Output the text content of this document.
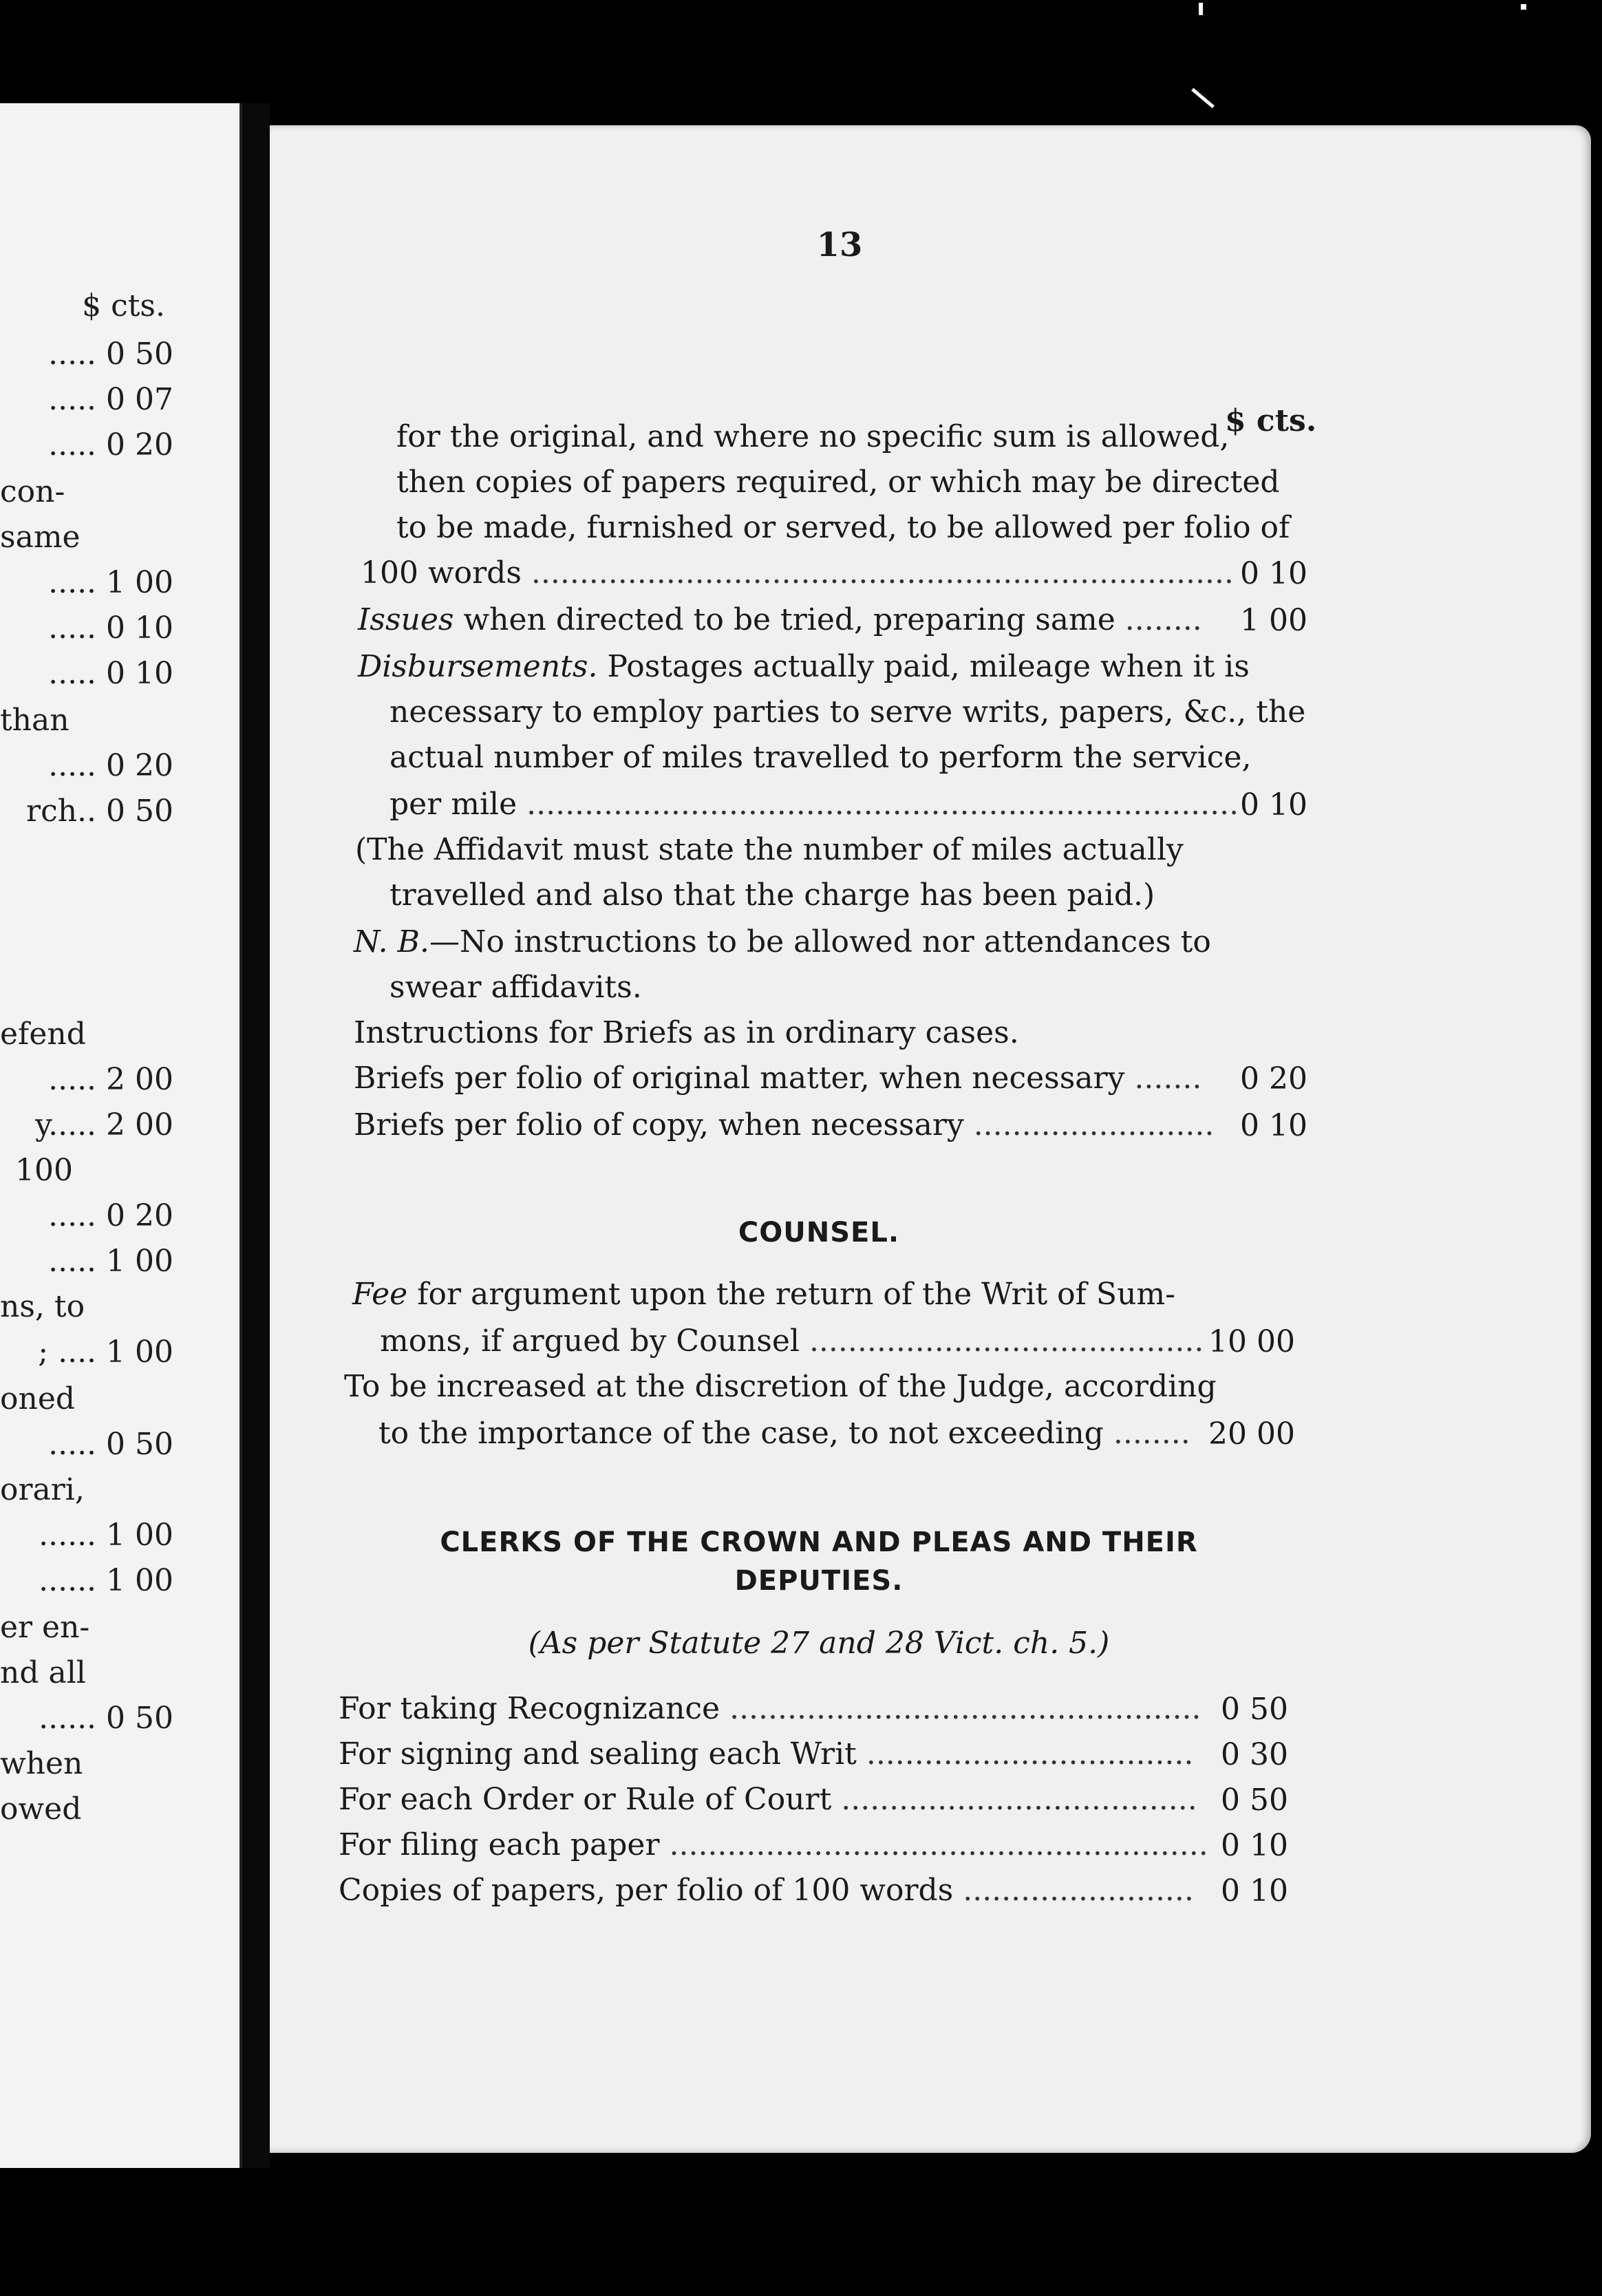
$ cts.
..... 0 50
..... 0 07
..... 0 20
con-
same
..... 1 00
..... 0 10
..... 0 10
than
..... 0 20
rch.. 0 50
efend
..... 2 00
y..... 2 00
100
..... 0 20
..... 1 00
ns, to
; .... 1 00
oned
..... 0 50
orari,
...... 1 00
...... 1 00
er en-
nd all
...... 0 50
when
owed
13
$ cts.
for the original, and where no specific sum is allowed,
then copies of papers required, or which may be directed
to be made, furnished or served, to be allowed per folio of
100 words ......................................................................... 0 10
Issues when directed to be tried, preparing same ........ 1 00
Disbursements. Postages actually paid, mileage when it is
necessary to employ parties to serve writs, papers, &c., the
actual number of miles travelled to perform the service,
per mile .......................................................................... 0 10
(The Affidavit must state the number of miles actually
travelled and also that the charge has been paid.)
N. B.—No instructions to be allowed nor attendances to
swear affidavits.
Instructions for Briefs as in ordinary cases.
Briefs per folio of original matter, when necessary ....... 0 20
Briefs per folio of copy, when necessary ......................... 0 10
COUNSEL.
Fee for argument upon the return of the Writ of Sum-
mons, if argued by Counsel ......................................... 10 00
To be increased at the discretion of the Judge, according
to the importance of the case, to not exceeding ........ 20 00
CLERKS OF THE CROWN AND PLEAS AND THEIR
DEPUTIES.
(As per Statute 27 and 28 Vict. ch. 5.)
For taking Recognizance ................................................. 0 50
For signing and sealing each Writ .................................. 0 30
For each Order or Rule of Court ..................................... 0 50
For filing each paper ........................................................ 0 10
Copies of papers, per folio of 100 words ........................ 0 10
